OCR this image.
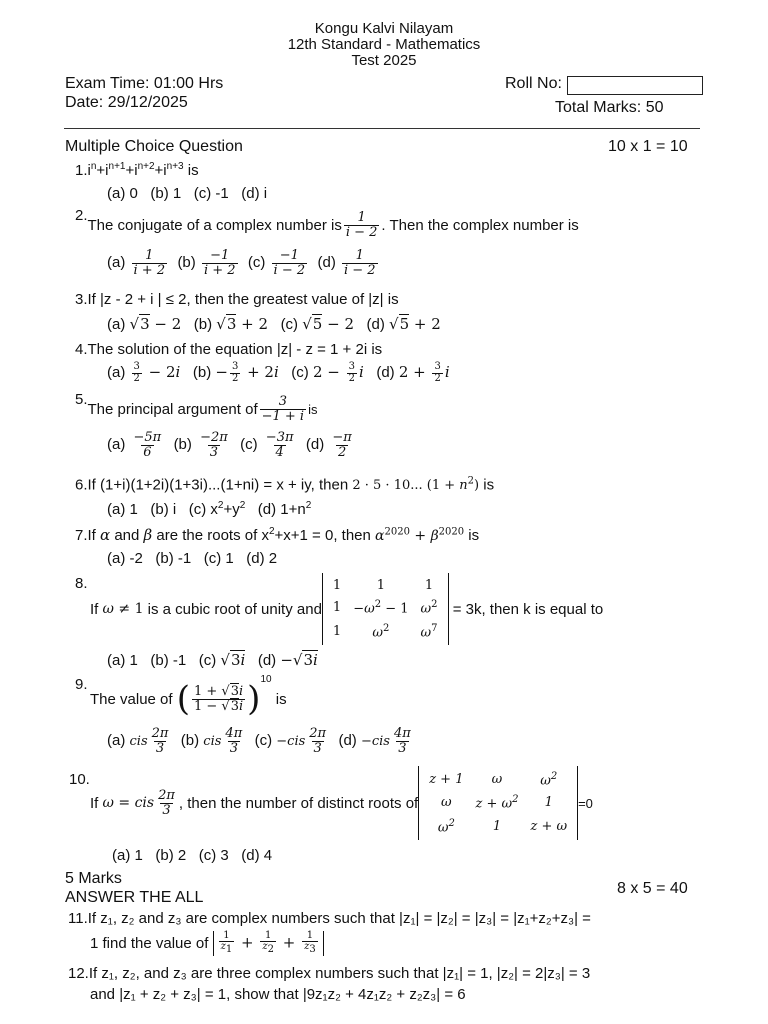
Kongu Kalvi Nilayam
12th Standard - Mathematics
Test 2025
Exam Time: 01:00 Hrs
Date: 29/12/2025
Roll No:
Total Marks: 50
Multiple Choice Question	10 x 1 = 10
$1.i^n+i^{n+1}+i^{n+2}+i^{n+3}$ is
(a) 0 (b) 1 (c) -1 (d) i
2.
The conjugate of a complex number is $\frac{1}{i - 2}$ . Then the complex number is
$(a) \frac{1}{i + 2} (b) \frac{-1}{i + 2} (c) \frac{-1}{i - 2} (d) \frac{1}{i - 2}$
3.If |z - 2 + i | ≤ 2, then the greatest value of |z| is
(a) √3 − 2 (b) √3 + 2 (c) √5 − 2 (d) √5 + 2
4.The solution of the equation |z| - z = 1 + 2i is
$(a) \frac{3}{2} - 2i$ $(b) - \frac{3}{2} + 2i$ (c) $2 - \frac{3}{2}$ i (d) $2 + \frac{3}{2}$ i
5.
The principal argument of $\frac{3}{-1 + i}$ is
$(a) \frac{-5\pi}{6} (b) \frac{-2\pi}{3} (c) \frac{-3\pi}{4} (d) \frac{-\pi}{2}$
6.If (1+i)(1+2i)(1+3i)...(1+ni) = x + iy, then 2 · 5 · 10... $(1 + n^2)$ is
(a) 1 (b) i (c) $x^2+y^2$ (d) $1+n^2$
7.If α and β are the roots of $x^2+x+1 = 0$, then $\alpha^{2020} + \beta^{2020}$ is
(a) -2 (b) -1 (c) 1 (d) 2
8.
If
ω ≠ 1
is a cubic root of unity and
1	1	1
1	$-\omega^2 - 1$	$\omega^2$
1	$\omega^2$	$\omega^7$

= 3k, then k is equal to
(a) 1 (b) -1 (c) √3i (d) −√3i
9.
The value of
( $\frac{1 + √3i}{1 - √3i} )^{10}$

is
(a) cis $\frac{2\pi}{3} (b)$ cis $\frac{4\pi}{3} (c) -cis \frac{2\pi}{3} (d) -cis \frac{4\pi}{3}$
10.
If
ω = cis $\frac{2\pi}{3}$ , then the number of distinct roots of
z + 1	ω	$\omega^2$
ω	$z + \omega^2$	1
$\omega^2$	1	z + ω
=0
(a) 1 (b) 2 (c) 3 (d) 4
5 Marks
ANSWER THE ALL
8 x 5 = 40
11.If z₁, z₂ and z₃ are complex numbers such that |z₁| = |z₂| = |z₃| = |z₁+z₂+z₃| =
1 find the value of
$\frac{1}{z_1} + \frac{1}{z_2} + \frac{1}{z_3}$
12.If z₁, z₂, and z₃ are three complex numbers such that |z₁| = 1, |z₂| = 2|z₃| = 3
and |z₁ + z₂ + z₃| = 1, show that |9z₁z₂ + 4z₁z₂ + z₂z₃| = 6
